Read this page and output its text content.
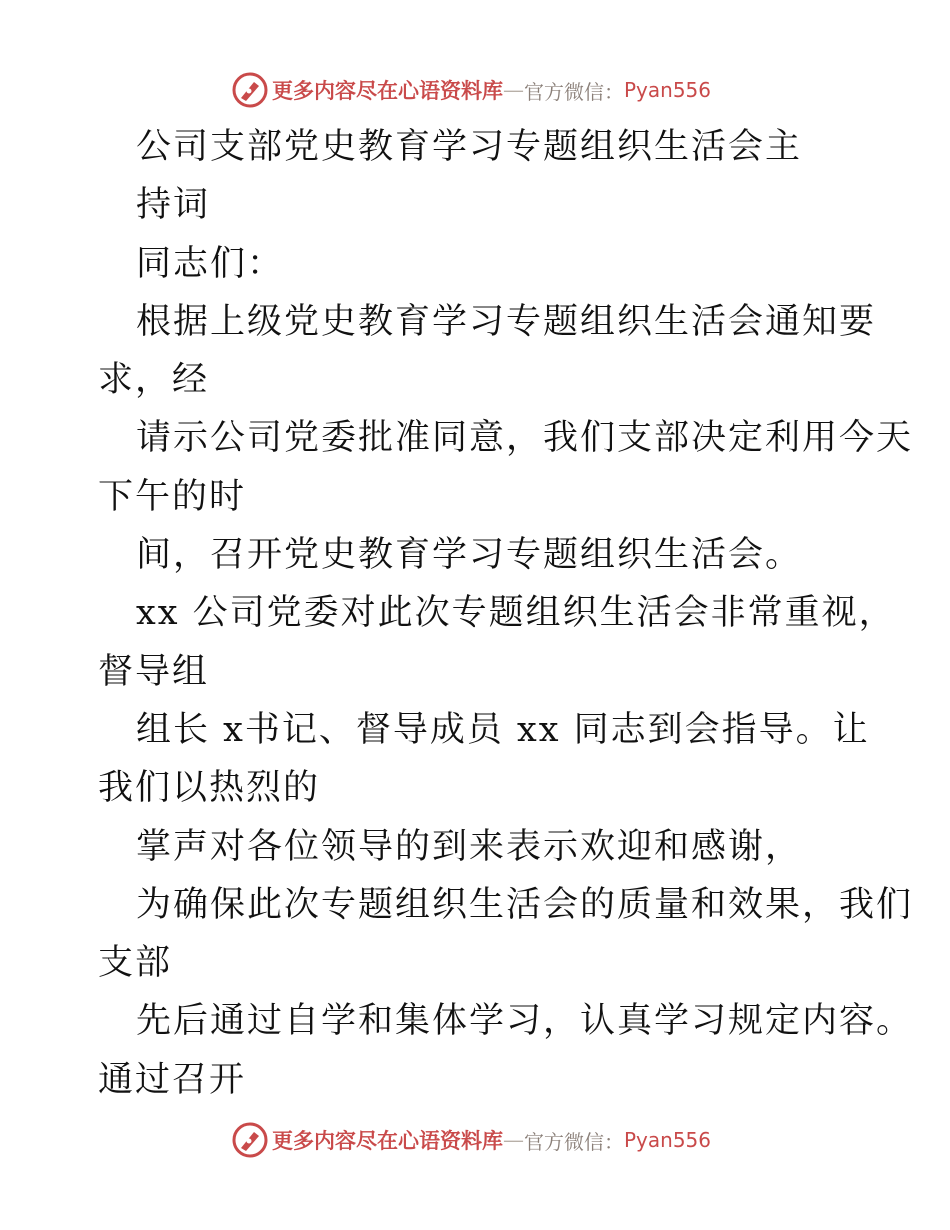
更多内容尽在心语资料库 — 官方微信： Pyan556
公司支部党史教育学习专题组织生活会主
持词
同志们：
根据上级党史教育学习专题组织生活会通知要
求，经
请示公司党委批准同意，我们支部决定利用今天
下午的时
间，召开党史教育学习专题组织生活会。
xx 公司党委对此次专题组织生活会非常重视，
督导组
组长 x书记、督导成员 xx 同志到会指导。让
我们以热烈的
掌声对各位领导的到来表示欢迎和感谢，
为确保此次专题组织生活会的质量和效果，我们
支部
先后通过自学和集体学习，认真学习规定内容。
通过召开
更多内容尽在心语资料库 — 官方微信： Pyan556
